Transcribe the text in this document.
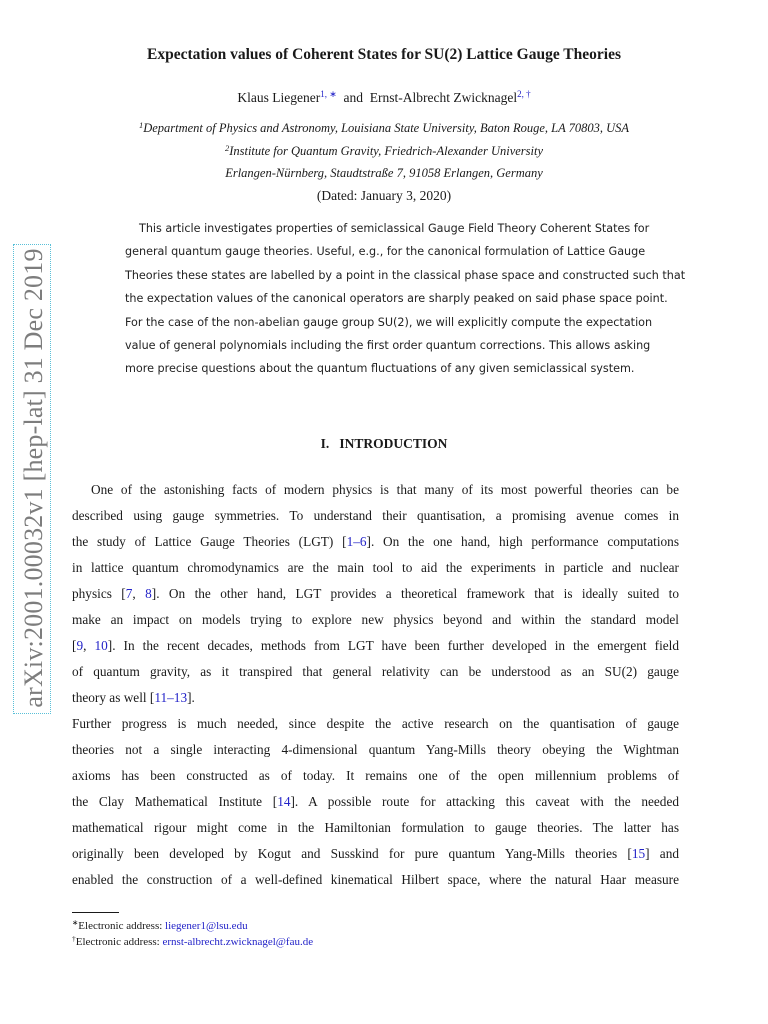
arXiv:2001.00032v1 [hep-lat] 31 Dec 2019
Expectation values of Coherent States for SU(2) Lattice Gauge Theories
Klaus Liegener$^{1, ∗}$ and Ernst-Albrecht Zwicknagel$^{2, \dagger}$
$^1$Department of Physics and Astronomy, Louisiana State University, Baton Rouge, LA 70803, USA
$^2$Institute for Quantum Gravity, Friedrich-Alexander University
Erlangen-Nürnberg, Staudtstraße 7, 91058 Erlangen, Germany
(Dated: January 3, 2020)
This article investigates properties of semiclassical Gauge Field Theory Coherent States for
general quantum gauge theories. Useful, e.g., for the canonical formulation of Lattice Gauge
Theories these states are labelled by a point in the classical phase space and constructed such that
the expectation values of the canonical operators are sharply peaked on said phase space point.
For the case of the non-abelian gauge group SU(2), we will explicitly compute the expectation
value of general polynomials including the first order quantum corrections. This allows asking
more precise questions about the quantum fluctuations of any given semiclassical system.
I. INTRODUCTION
One of the astonishing facts of modern physics is that many of its most powerful theories can be
described using gauge symmetries. To understand their quantisation, a promising avenue comes in
the study of Lattice Gauge Theories (LGT) [1–6]. On the one hand, high performance computations
in lattice quantum chromodynamics are the main tool to aid the experiments in particle and nuclear
physics [7, 8]. On the other hand, LGT provides a theoretical framework that is ideally suited to
make an impact on models trying to explore new physics beyond and within the standard model
[9, 10]. In the recent decades, methods from LGT have been further developed in the emergent field
of quantum gravity, as it transpired that general relativity can be understood as an SU(2) gauge
theory as well [11–13].
Further progress is much needed, since despite the active research on the quantisation of gauge
theories not a single interacting 4-dimensional quantum Yang-Mills theory obeying the Wightman
axioms has been constructed as of today. It remains one of the open millennium problems of
the Clay Mathematical Institute [14]. A possible route for attacking this caveat with the needed
mathematical rigour might come in the Hamiltonian formulation to gauge theories. The latter has
originally been developed by Kogut and Susskind for pure quantum Yang-Mills theories [15] and
enabled the construction of a well-defined kinematical Hilbert space, where the natural Haar measure
∗Electronic address: liegener1@lsu.edu
†Electronic address: ernst-albrecht.zwicknagel@fau.de
